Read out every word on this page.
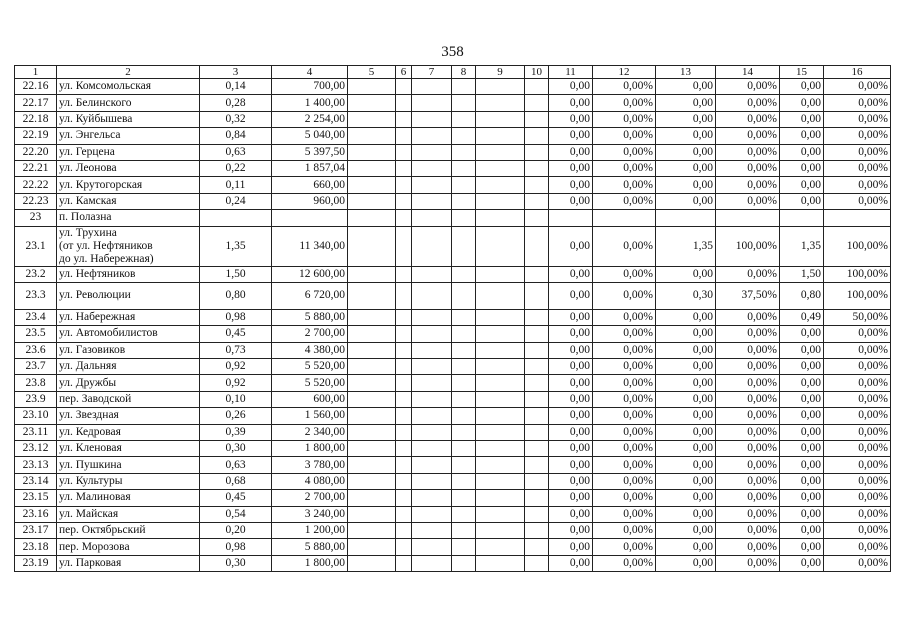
358
1	2	3	4	5	6	7	8	9	10	11	12	13	14	15	16
22.16	ул. Комсомольская	0,14	700,00							0,00	0,00%	0,00	0,00%	0,00	0,00%
22.17	ул. Белинского	0,28	1 400,00							0,00	0,00%	0,00	0,00%	0,00	0,00%
22.18	ул. Куйбышева	0,32	2 254,00							0,00	0,00%	0,00	0,00%	0,00	0,00%
22.19	ул. Энгельса	0,84	5 040,00							0,00	0,00%	0,00	0,00%	0,00	0,00%
22.20	ул. Герцена	0,63	5 397,50							0,00	0,00%	0,00	0,00%	0,00	0,00%
22.21	ул. Леонова	0,22	1 857,04							0,00	0,00%	0,00	0,00%	0,00	0,00%
22.22	ул. Крутогорская	0,11	660,00							0,00	0,00%	0,00	0,00%	0,00	0,00%
22.23	ул. Камская	0,24	960,00							0,00	0,00%	0,00	0,00%	0,00	0,00%
23	п. Полазна														
23.1	ул. Трухина
(от ул. Нефтяников
до ул. Набережная)	1,35	11 340,00							0,00	0,00%	1,35	100,00%	1,35	100,00%
23.2	ул. Нефтяников	1,50	12 600,00							0,00	0,00%	0,00	0,00%	1,50	100,00%
23.3	ул. Революции	0,80	6 720,00							0,00	0,00%	0,30	37,50%	0,80	100,00%
23.4	ул. Набережная	0,98	5 880,00							0,00	0,00%	0,00	0,00%	0,49	50,00%
23.5	ул. Автомобилистов	0,45	2 700,00							0,00	0,00%	0,00	0,00%	0,00	0,00%
23.6	ул. Газовиков	0,73	4 380,00							0,00	0,00%	0,00	0,00%	0,00	0,00%
23.7	ул. Дальняя	0,92	5 520,00							0,00	0,00%	0,00	0,00%	0,00	0,00%
23.8	ул. Дружбы	0,92	5 520,00							0,00	0,00%	0,00	0,00%	0,00	0,00%
23.9	пер. Заводской	0,10	600,00							0,00	0,00%	0,00	0,00%	0,00	0,00%
23.10	ул. Звездная	0,26	1 560,00							0,00	0,00%	0,00	0,00%	0,00	0,00%
23.11	ул. Кедровая	0,39	2 340,00							0,00	0,00%	0,00	0,00%	0,00	0,00%
23.12	ул. Кленовая	0,30	1 800,00							0,00	0,00%	0,00	0,00%	0,00	0,00%
23.13	ул. Пушкина	0,63	3 780,00							0,00	0,00%	0,00	0,00%	0,00	0,00%
23.14	ул. Культуры	0,68	4 080,00							0,00	0,00%	0,00	0,00%	0,00	0,00%
23.15	ул. Малиновая	0,45	2 700,00							0,00	0,00%	0,00	0,00%	0,00	0,00%
23.16	ул. Майская	0,54	3 240,00							0,00	0,00%	0,00	0,00%	0,00	0,00%
23.17	пер. Октябрьский	0,20	1 200,00							0,00	0,00%	0,00	0,00%	0,00	0,00%
23.18	пер. Морозова	0,98	5 880,00							0,00	0,00%	0,00	0,00%	0,00	0,00%
23.19	ул. Парковая	0,30	1 800,00							0,00	0,00%	0,00	0,00%	0,00	0,00%
